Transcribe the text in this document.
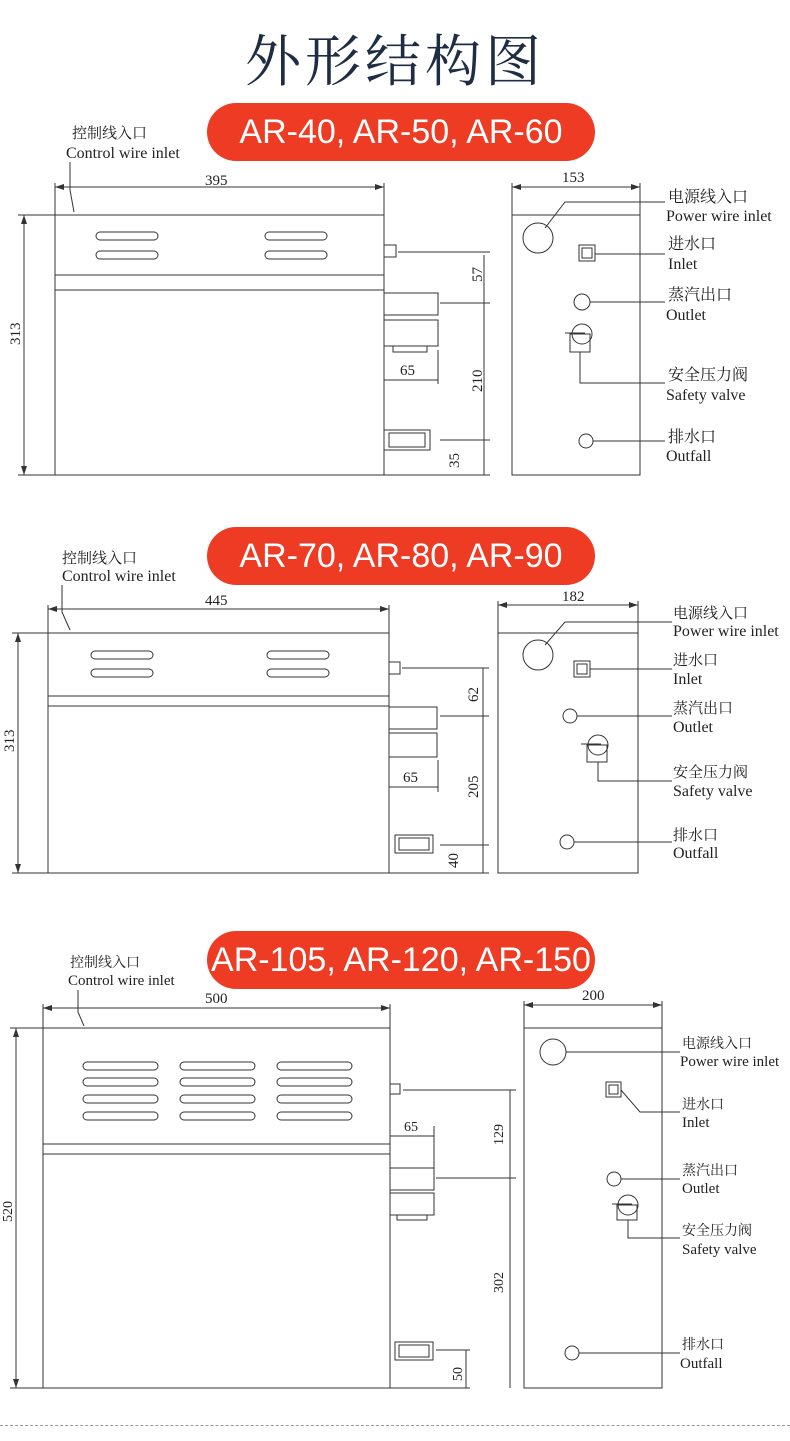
外形结构图
AR-40, AR-50, AR-60
控制线入口
Control wire inlet
395	153
313
57
210
35
65
电源线入口
Power wire inlet
进水口
Inlet
蒸汽出口
Outlet
安全压力阀
Safety valve
排水口
Outfall
AR-70, AR-80, AR-90
控制线入口
Control wire inlet
445	182
313
62
205
40
65
电源线入口
Power wire inlet
进水口
Inlet
蒸汽出口
Outlet
安全压力阀
Safety valve
排水口
Outfall
AR-105, AR-120, AR-150
控制线入口
Control wire inlet
500	200
520
129
302
50
65
电源线入口
Power wire inlet
进水口
Inlet
蒸汽出口
Outlet
安全压力阀
Safety valve
排水口
Outfall
